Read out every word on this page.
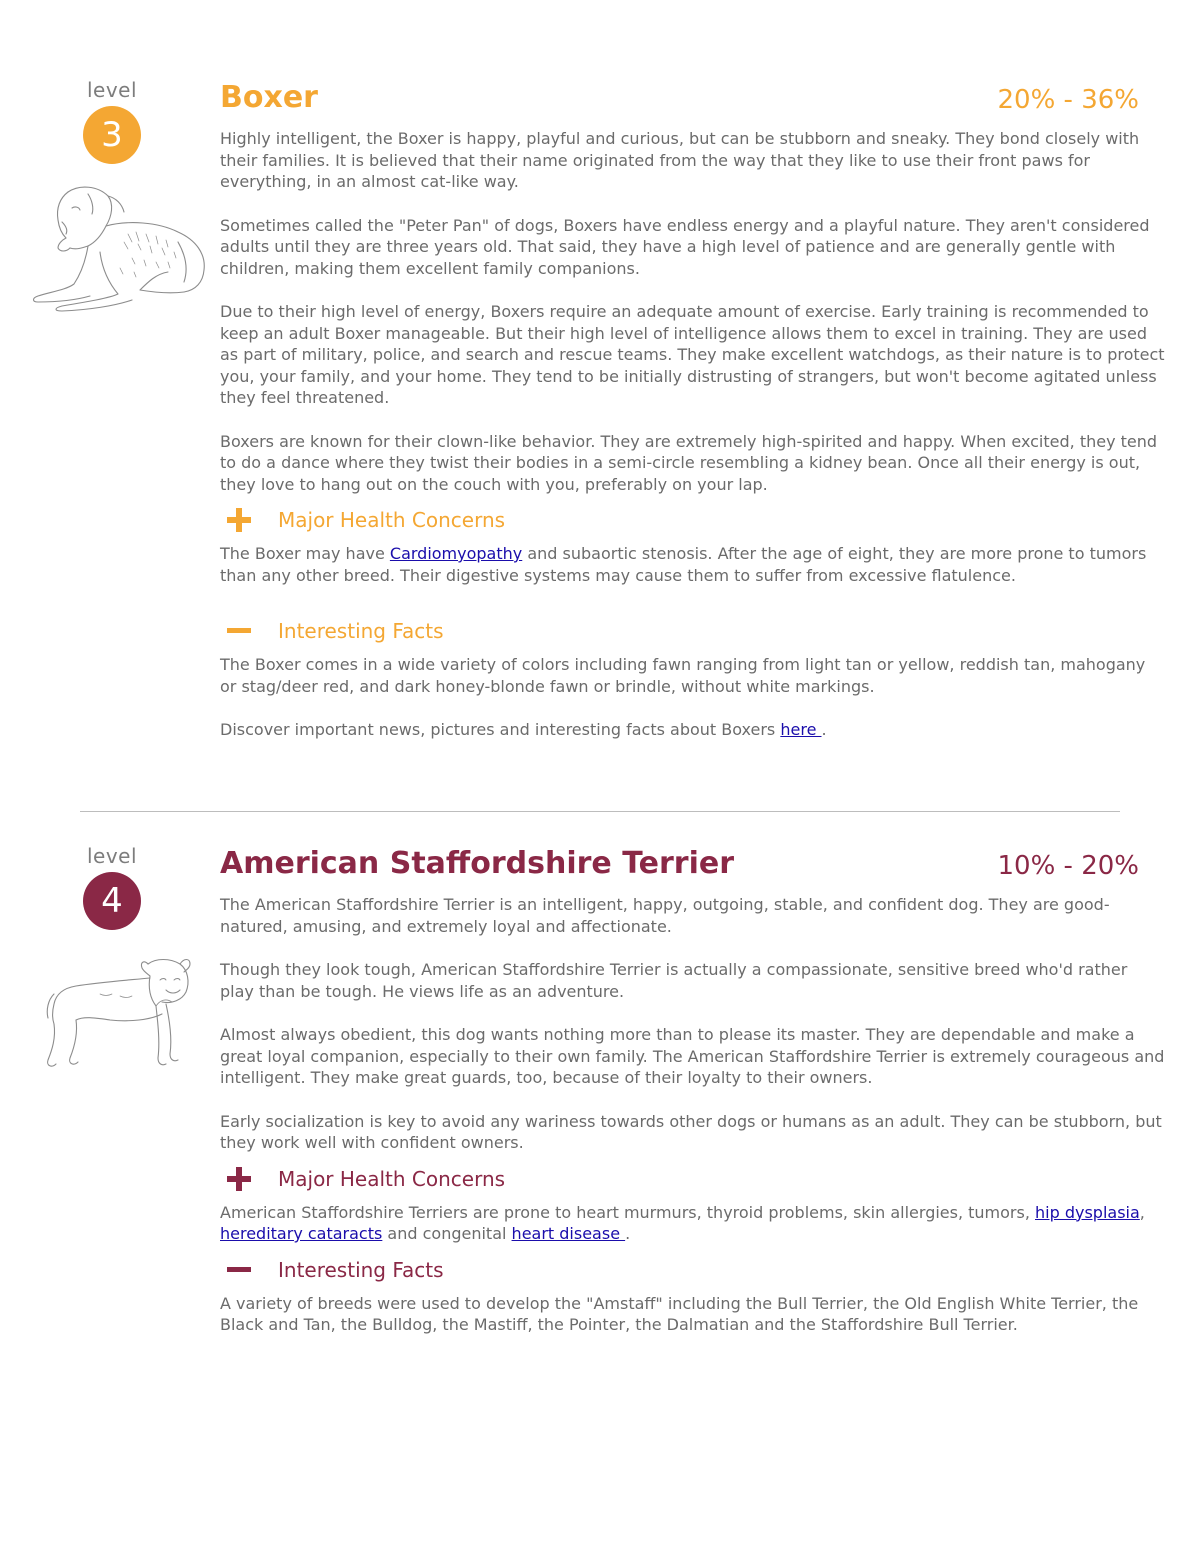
level
3
Boxer	20% - 36%

Highly intelligent, the Boxer is happy, playful and curious, but can be stubborn and sneaky. They bond closely with their families. It is believed that their name originated from the way that they like to use their front paws for everything, in an almost cat-like way.

Sometimes called the "Peter Pan" of dogs, Boxers have endless energy and a playful nature. They aren't considered adults until they are three years old. That said, they have a high level of patience and are generally gentle with children, making them excellent family companions.

Due to their high level of energy, Boxers require an adequate amount of exercise. Early training is recommended to keep an adult Boxer manageable. But their high level of intelligence allows them to excel in training. They are used as part of military, police, and search and rescue teams. They make excellent watchdogs, as their nature is to protect you, your family, and your home. They tend to be initially distrusting of strangers, but won't become agitated unless they feel threatened.

Boxers are known for their clown-like behavior. They are extremely high-spirited and happy. When excited, they tend to do a dance where they twist their bodies in a semi-circle resembling a kidney bean. Once all their energy is out, they love to hang out on the couch with you, preferably on your lap.

Major Health Concerns

The Boxer may have Cardiomyopathy and subaortic stenosis. After the age of eight, they are more prone to tumors than any other breed. Their digestive systems may cause them to suffer from excessive flatulence.

Interesting Facts

The Boxer comes in a wide variety of colors including fawn ranging from light tan or yellow, reddish tan, mahogany or stag/deer red, and dark honey-blonde fawn or brindle, without white markings.

Discover important news, pictures and interesting facts about Boxers here .

level
4
American Staffordshire Terrier	10% - 20%

The American Staffordshire Terrier is an intelligent, happy, outgoing, stable, and confident dog. They are good-natured, amusing, and extremely loyal and affectionate.

Though they look tough, American Staffordshire Terrier is actually a compassionate, sensitive breed who'd rather play than be tough. He views life as an adventure.

Almost always obedient, this dog wants nothing more than to please its master. They are dependable and make a great loyal companion, especially to their own family. The American Staffordshire Terrier is extremely courageous and intelligent. They make great guards, too, because of their loyalty to their owners.

Early socialization is key to avoid any wariness towards other dogs or humans as an adult. They can be stubborn, but they work well with confident owners.

Major Health Concerns

American Staffordshire Terriers are prone to heart murmurs, thyroid problems, skin allergies, tumors, hip dysplasia, hereditary cataracts and congenital heart disease .

Interesting Facts

A variety of breeds were used to develop the "Amstaff" including the Bull Terrier, the Old English White Terrier, the Black and Tan, the Bulldog, the Mastiff, the Pointer, the Dalmatian and the Staffordshire Bull Terrier.
